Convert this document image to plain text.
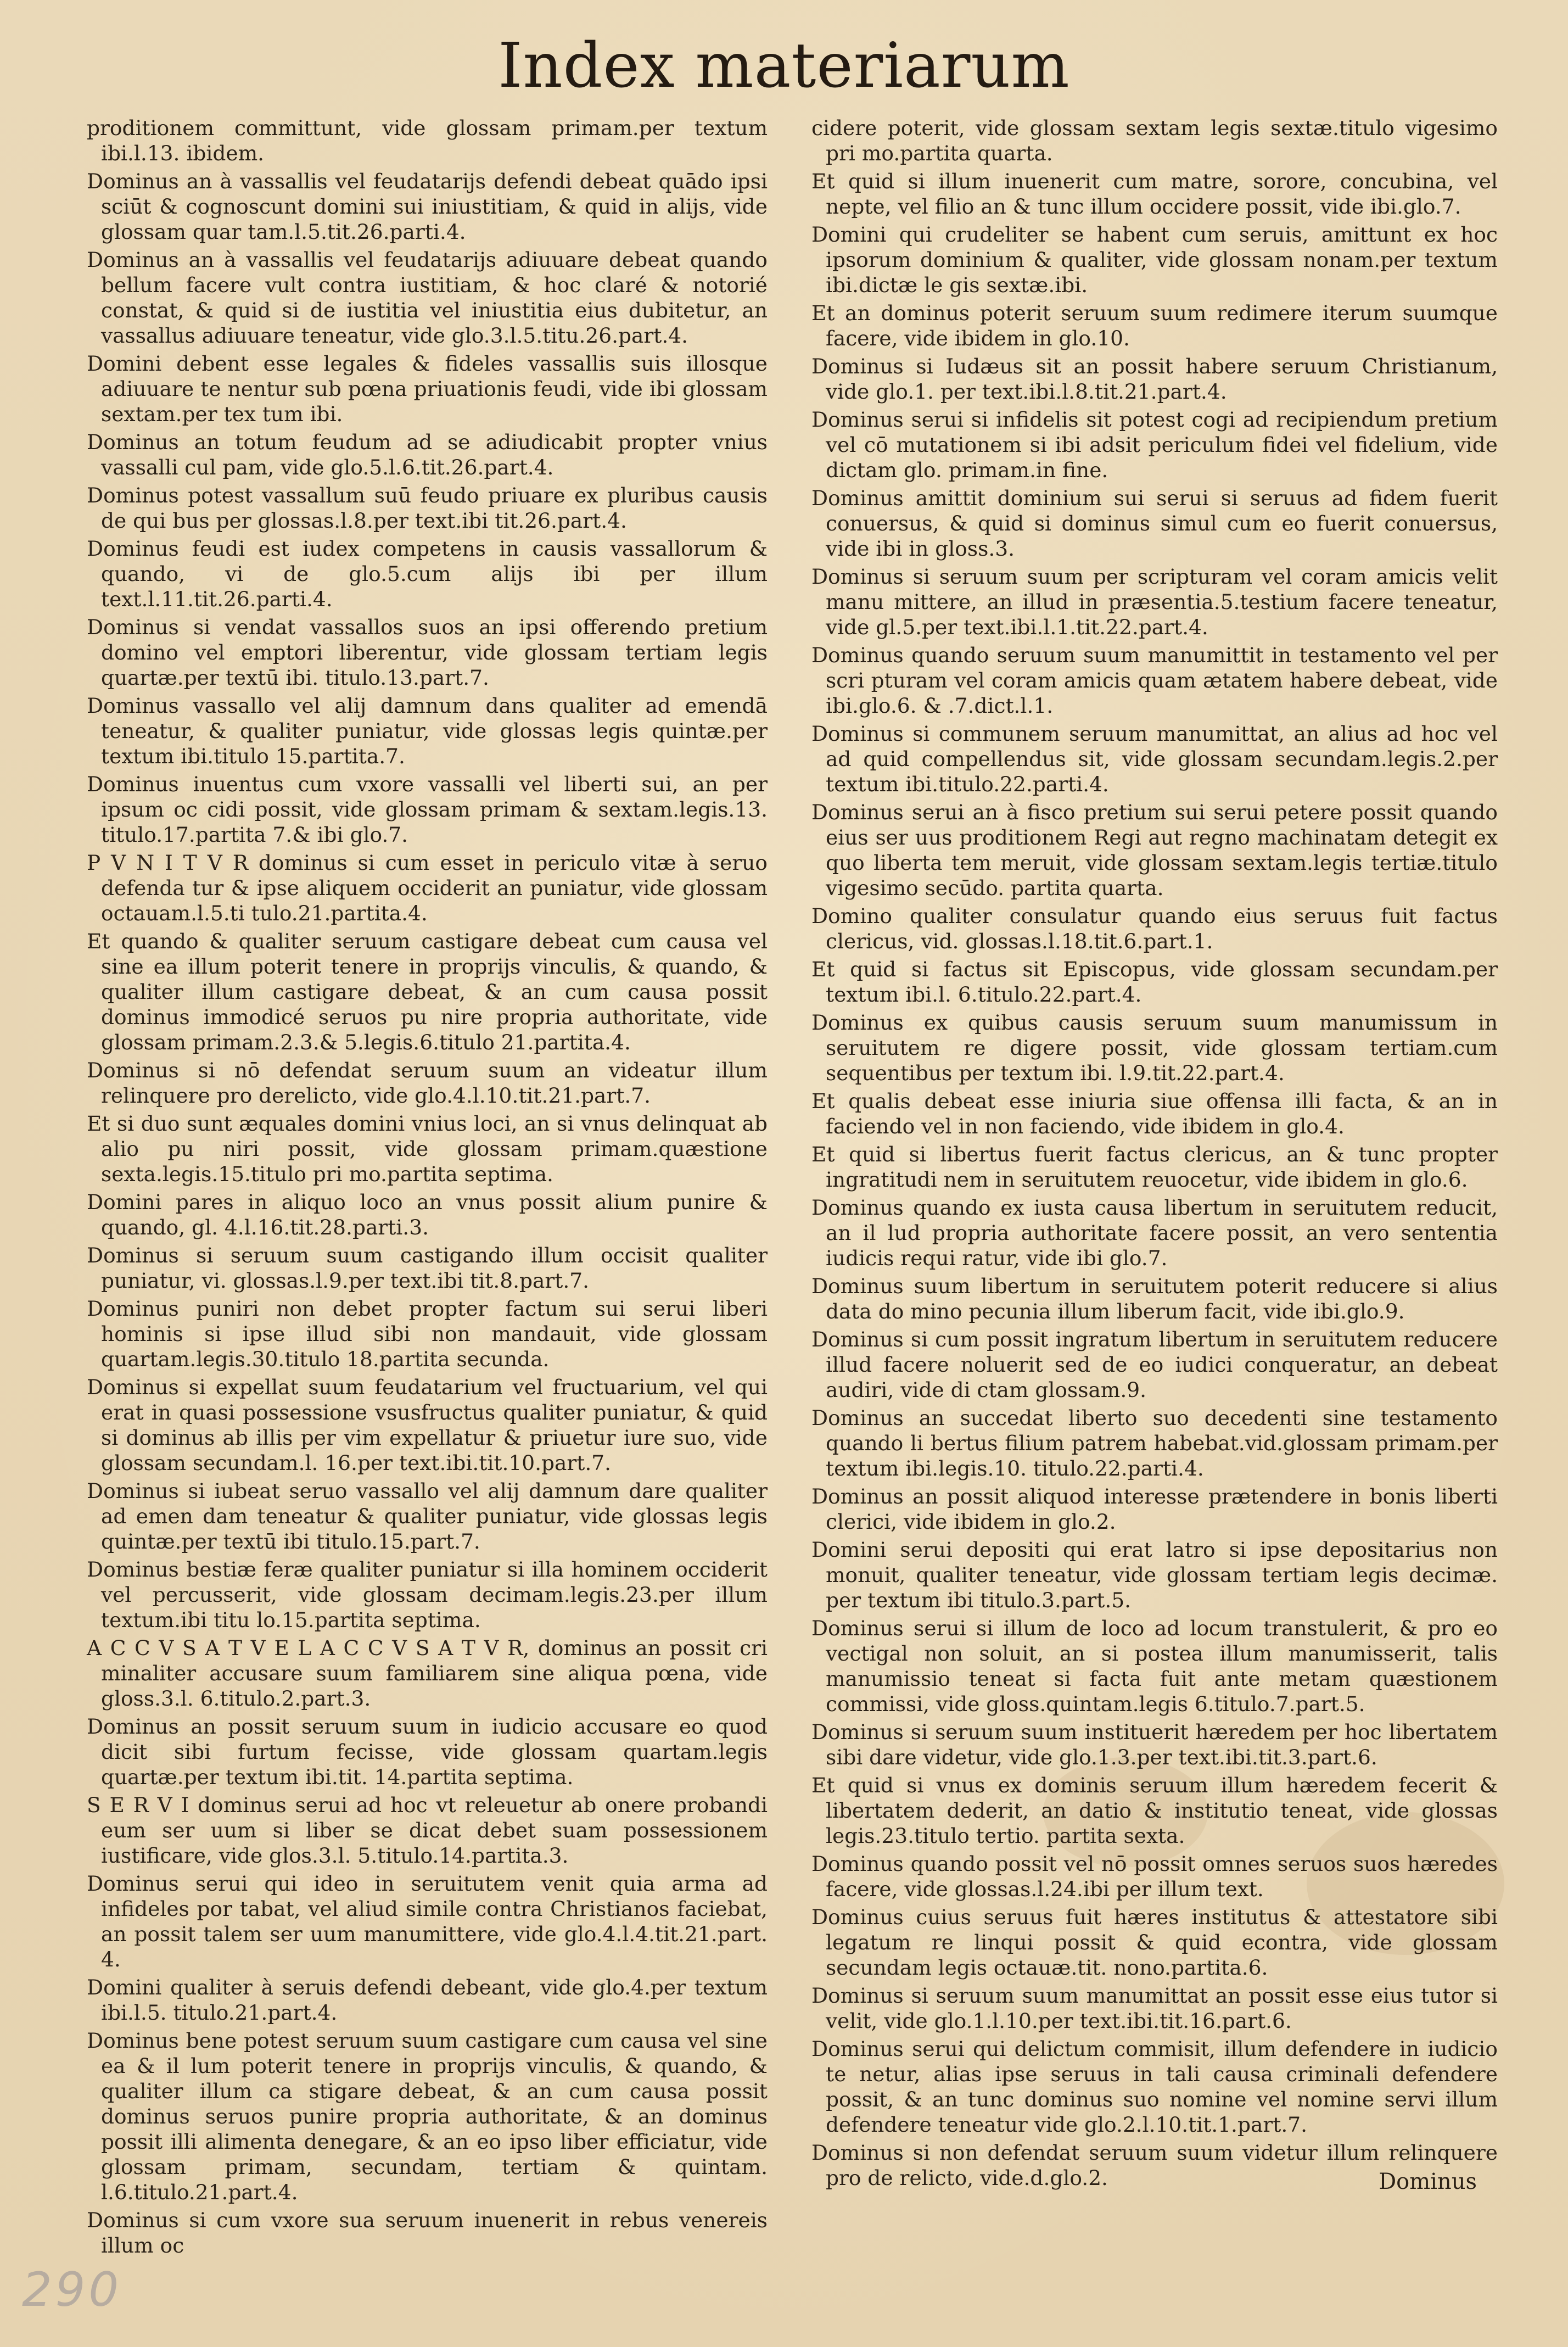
Index materiarum

proditionem committunt, vide glossam primam.per textum ibi.l.13. ibidem.

Dominus an à vassallis vel feudatarijs defendi debeat quādo ipsi sciūt & cognoscunt domini sui iniustitiam, & quid in alijs, vide glossam quar tam.l.5.tit.26.parti.4.

Dominus an à vassallis vel feudatarijs adiuuare debeat quando bellum facere vult contra iustitiam, & hoc claré & notorié constat, & quid si de iustitia vel iniustitia eius dubitetur, an vassallus adiuuare teneatur, vide glo.3.l.5.titu.26.part.4.

Domini debent esse legales & fideles vassallis suis illosque adiuuare te nentur sub pœna priuationis feudi, vide ibi glossam sextam.per tex tum ibi.

Dominus an totum feudum ad se adiudicabit propter vnius vassalli cul pam, vide glo.5.l.6.tit.26.part.4.

Dominus potest vassallum suū feudo priuare ex pluribus causis de qui bus per glossas.l.8.per text.ibi tit.26.part.4.

Dominus feudi est iudex competens in causis vassallorum & quando, vi de glo.5.cum alijs ibi per illum text.l.11.tit.26.parti.4.

Dominus si vendat vassallos suos an ipsi offerendo pretium domino vel emptori liberentur, vide glossam tertiam legis quartæ.per textū ibi. titulo.13.part.7.

Dominus vassallo vel alij damnum dans qualiter ad emendā teneatur, & qualiter puniatur, vide glossas legis quintæ.per textum ibi.titulo 15.partita.7.

Dominus inuentus cum vxore vassalli vel liberti sui, an per ipsum oc cidi possit, vide glossam primam & sextam.legis.13. titulo.17.partita 7.& ibi glo.7.

P V N I T V R dominus si cum esset in periculo vitæ à seruo defenda tur & ipse aliquem occiderit an puniatur, vide glossam octauam.l.5.ti tulo.21.partita.4.

Et quando & qualiter seruum castigare debeat cum causa vel sine ea illum poterit tenere in proprijs vinculis, & quando, & qualiter illum castigare debeat, & an cum causa possit dominus immodicé seruos pu nire propria authoritate, vide glossam primam.2.3.& 5.legis.6.titulo 21.partita.4.

Dominus si nō defendat seruum suum an videatur illum relinquere pro derelicto, vide glo.4.l.10.tit.21.part.7.

Et si duo sunt æquales domini vnius loci, an si vnus delinquat ab alio pu niri possit, vide glossam primam.quæstione sexta.legis.15.titulo pri mo.partita septima.

Domini pares in aliquo loco an vnus possit alium punire & quando, gl. 4.l.16.tit.28.parti.3.

Dominus si seruum suum castigando illum occisit qualiter puniatur, vi. glossas.l.9.per text.ibi tit.8.part.7.

Dominus puniri non debet propter factum sui serui liberi hominis si ipse illud sibi non mandauit, vide glossam quartam.legis.30.titulo 18.partita secunda.

Dominus si expellat suum feudatarium vel fructuarium, vel qui erat in quasi possessione vsusfructus qualiter puniatur, & quid si dominus ab illis per vim expellatur & priuetur iure suo, vide glossam secundam.l. 16.per text.ibi.tit.10.part.7.

Dominus si iubeat seruo vassallo vel alij damnum dare qualiter ad emen dam teneatur & qualiter puniatur, vide glossas legis quintæ.per textū ibi titulo.15.part.7.

Dominus bestiæ feræ qualiter puniatur si illa hominem occiderit vel percusserit, vide glossam decimam.legis.23.per illum textum.ibi titu lo.15.partita septima.

A C C V S A T V E L A C C V S A T V R, dominus an possit cri minaliter accusare suum familiarem sine aliqua pœna, vide gloss.3.l. 6.titulo.2.part.3.

Dominus an possit seruum suum in iudicio accusare eo quod dicit sibi furtum fecisse, vide glossam quartam.legis quartæ.per textum ibi.tit. 14.partita septima.

S E R V I dominus serui ad hoc vt releuetur ab onere probandi eum ser uum si liber se dicat debet suam possessionem iustificare, vide glos.3.l. 5.titulo.14.partita.3.

Dominus serui qui ideo in seruitutem venit quia arma ad infideles por tabat, vel aliud simile contra Christianos faciebat, an possit talem ser uum manumittere, vide glo.4.l.4.tit.21.part. 4.

Domini qualiter à seruis defendi debeant, vide glo.4.per textum ibi.l.5. titulo.21.part.4.

Dominus bene potest seruum suum castigare cum causa vel sine ea & il lum poterit tenere in proprijs vinculis, & quando, & qualiter illum ca stigare debeat, & an cum causa possit dominus seruos punire propria authoritate, & an dominus possit illi alimenta denegare, & an eo ipso liber efficiatur, vide glossam primam, secundam, tertiam & quintam. l.6.titulo.21.part.4.

Dominus si cum vxore sua seruum inuenerit in rebus venereis illum oc

cidere poterit, vide glossam sextam legis sextæ.titulo vigesimo pri mo.partita quarta.

Et quid si illum inuenerit cum matre, sorore, concubina, vel nepte, vel filio an & tunc illum occidere possit, vide ibi.glo.7.

Domini qui crudeliter se habent cum seruis, amittunt ex hoc ipsorum dominium & qualiter, vide glossam nonam.per textum ibi.dictæ le gis sextæ.ibi.

Et an dominus poterit seruum suum redimere iterum suumque facere, vide ibidem in glo.10.

Dominus si Iudæus sit an possit habere seruum Christianum, vide glo.1. per text.ibi.l.8.tit.21.part.4.

Dominus serui si infidelis sit potest cogi ad recipiendum pretium vel cō mutationem si ibi adsit periculum fidei vel fidelium, vide dictam glo. primam.in fine.

Dominus amittit dominium sui serui si seruus ad fidem fuerit conuersus, & quid si dominus simul cum eo fuerit conuersus, vide ibi in gloss.3.

Dominus si seruum suum per scripturam vel coram amicis velit manu mittere, an illud in præsentia.5.testium facere teneatur, vide gl.5.per text.ibi.l.1.tit.22.part.4.

Dominus quando seruum suum manumittit in testamento vel per scri pturam vel coram amicis quam ætatem habere debeat, vide ibi.glo.6. & .7.dict.l.1.

Dominus si communem seruum manumittat, an alius ad hoc vel ad quid compellendus sit, vide glossam secundam.legis.2.per textum ibi.titulo.22.parti.4.

Dominus serui an à fisco pretium sui serui petere possit quando eius ser uus proditionem Regi aut regno machinatam detegit ex quo liberta tem meruit, vide glossam sextam.legis tertiæ.titulo vigesimo secūdo. partita quarta.

Domino qualiter consulatur quando eius seruus fuit factus clericus, vid. glossas.l.18.tit.6.part.1.

Et quid si factus sit Episcopus, vide glossam secundam.per textum ibi.l. 6.titulo.22.part.4.

Dominus ex quibus causis seruum suum manumissum in seruitutem re digere possit, vide glossam tertiam.cum sequentibus per textum ibi. l.9.tit.22.part.4.

Et qualis debeat esse iniuria siue offensa illi facta, & an in faciendo vel in non faciendo, vide ibidem in glo.4.

Et quid si libertus fuerit factus clericus, an & tunc propter ingratitudi nem in seruitutem reuocetur, vide ibidem in glo.6.

Dominus quando ex iusta causa libertum in seruitutem reducit, an il lud propria authoritate facere possit, an vero sententia iudicis requi ratur, vide ibi glo.7.

Dominus suum libertum in seruitutem poterit reducere si alius data do mino pecunia illum liberum facit, vide ibi.glo.9.

Dominus si cum possit ingratum libertum in seruitutem reducere illud facere noluerit sed de eo iudici conqueratur, an debeat audiri, vide di ctam glossam.9.

Dominus an succedat liberto suo decedenti sine testamento quando li bertus filium patrem habebat.vid.glossam primam.per textum ibi.legis.10. titulo.22.parti.4.

Dominus an possit aliquod interesse prætendere in bonis liberti clerici, vide ibidem in glo.2.

Domini serui depositi qui erat latro si ipse depositarius non monuit, qualiter teneatur, vide glossam tertiam legis decimæ. per textum ibi titulo.3.part.5.

Dominus serui si illum de loco ad locum transtulerit, & pro eo vectigal non soluit, an si postea illum manumisserit, talis manumissio teneat si facta fuit ante metam quæstionem commissi, vide gloss.quintam.legis 6.titulo.7.part.5.

Dominus si seruum suum instituerit hæredem per hoc libertatem sibi dare videtur, vide glo.1.3.per text.ibi.tit.3.part.6.

Et quid si vnus ex dominis seruum illum hæredem fecerit & libertatem dederit, an datio & institutio teneat, vide glossas legis.23.titulo tertio. partita sexta.

Dominus quando possit vel nō possit omnes seruos suos hæredes facere, vide glossas.l.24.ibi per illum text.

Dominus cuius seruus fuit hæres institutus & attestatore sibi legatum re linqui possit & quid econtra, vide glossam secundam legis octauæ.tit. nono.partita.6.

Dominus si seruum suum manumittat an possit esse eius tutor si velit, vide glo.1.l.10.per text.ibi.tit.16.part.6.

Dominus serui qui delictum commisit, illum defendere in iudicio te netur, alias ipse seruus in tali causa criminali defendere possit, & an tunc dominus suo nomine vel nomine servi illum defendere teneatur vide glo.2.l.10.tit.1.part.7.

Dominus si non defendat seruum suum videtur illum relinquere pro de relicto, vide.d.glo.2.	Dominus
290
